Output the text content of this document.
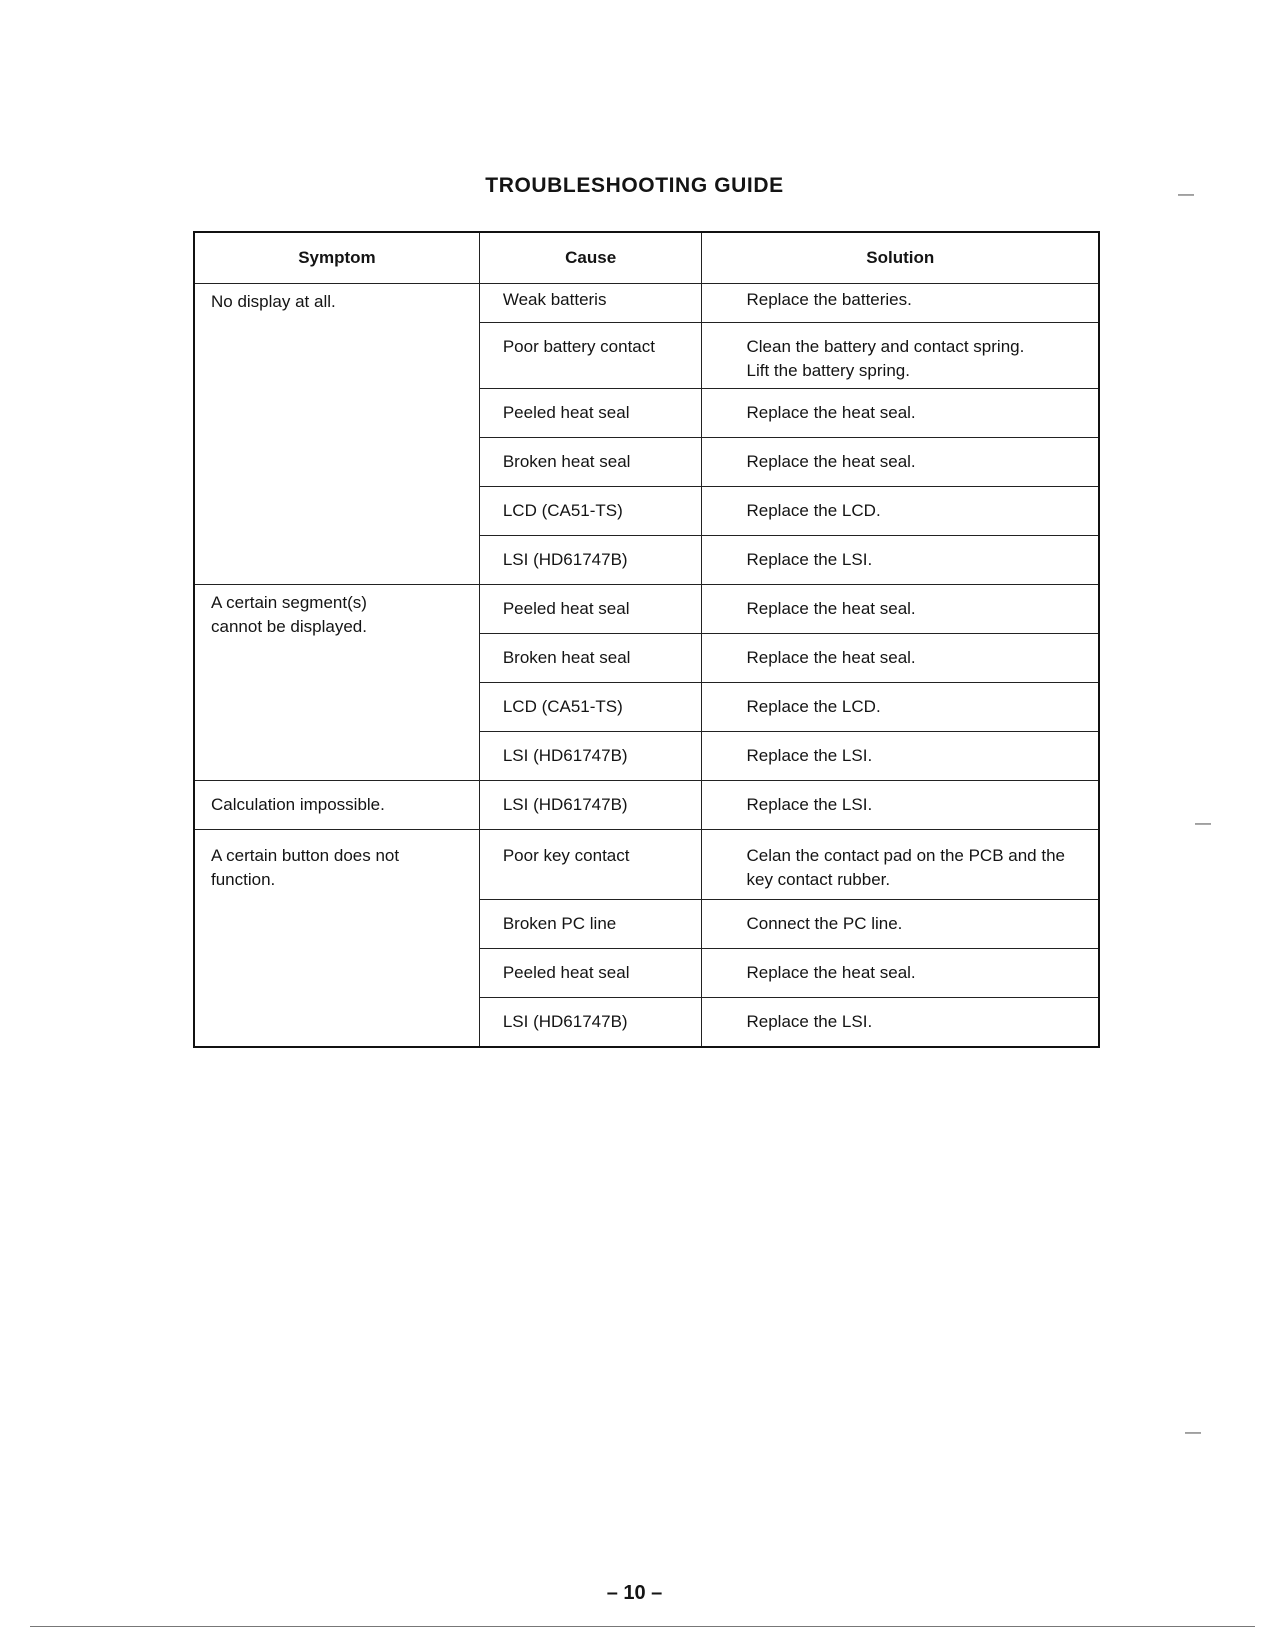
TROUBLESHOOTING GUIDE
Symptom	Cause	Solution

No display at all.	Weak batteris	Replace the batteries.

	Poor battery contact	Clean the battery and contact spring.
Lift the battery spring.

	Peeled heat seal	Replace the heat seal.
	Broken heat seal	Replace the heat seal.
	LCD (CA51-TS)	Replace the LCD.
	LSI (HD61747B)	Replace the LSI.

A certain segment(s)
cannot be displayed.	Peeled heat seal	Replace the heat seal.
	Broken heat seal	Replace the heat seal.
	LCD (CA51-TS)	Replace the LCD.
	LSI (HD61747B)	Replace the LSI.

Calculation impossible.	LSI (HD61747B)	Replace the LSI.

A certain button does not
function.	Poor key contact	Celan the contact pad on the PCB and the
key contact rubber.

	Broken PC line	Connect the PC line.
	Peeled heat seal	Replace the heat seal.
	LSI (HD61747B)	Replace the LSI.
– 10 –
—
—
—
